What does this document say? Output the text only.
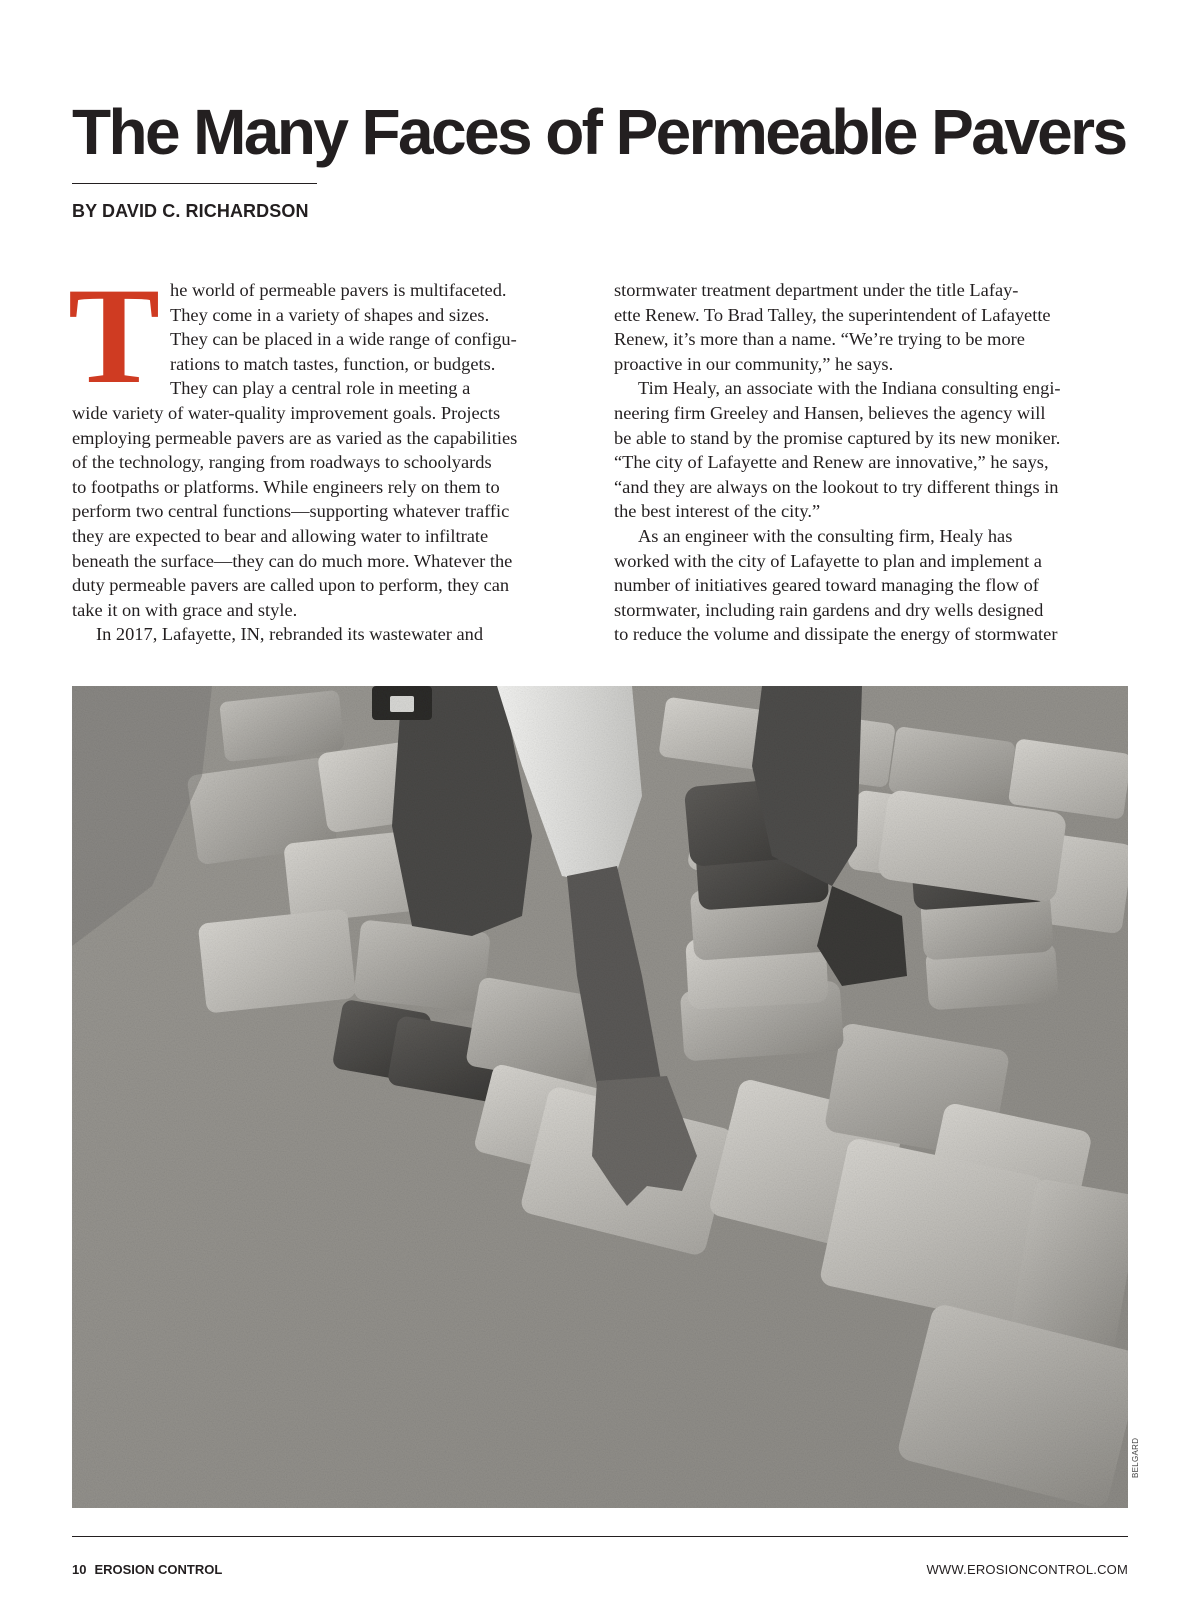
The Many Faces of Permeable Pavers
BY DAVID C. RICHARDSON

T he world of permeable pavers is multifaceted.
They come in a variety of shapes and sizes.
They can be placed in a wide range of configu-
rations to match tastes, function, or budgets.
They can play a central role in meeting a
wide variety of water-quality improvement goals. Projects
employing permeable pavers are as varied as the capabilities
of the technology, ranging from roadways to schoolyards
to footpaths or platforms. While engineers rely on them to
perform two central functions—supporting whatever traffic
they are expected to bear and allowing water to infiltrate
beneath the surface—they can do much more. Whatever the
duty permeable pavers are called upon to perform, they can
take it on with grace and style.

In 2017, Lafayette, IN, rebranded its wastewater and

stormwater treatment department under the title Lafay-
ette Renew. To Brad Talley, the superintendent of Lafayette
Renew, it’s more than a name. “We’re trying to be more
proactive in our community,” he says.

Tim Healy, an associate with the Indiana consulting engi-
neering firm Greeley and Hansen, believes the agency will
be able to stand by the promise captured by its new moniker.
“The city of Lafayette and Renew are innovative,” he says,
“and they are always on the lookout to try different things in
the best interest of the city.”

As an engineer with the consulting firm, Healy has
worked with the city of Lafayette to plan and implement a
number of initiatives geared toward managing the flow of
stormwater, including rain gardens and dry wells designed
to reduce the volume and dissipate the energy of stormwater

BELGARD
10 EROSION CONTROL	WWW.EROSIONCONTROL.COM
